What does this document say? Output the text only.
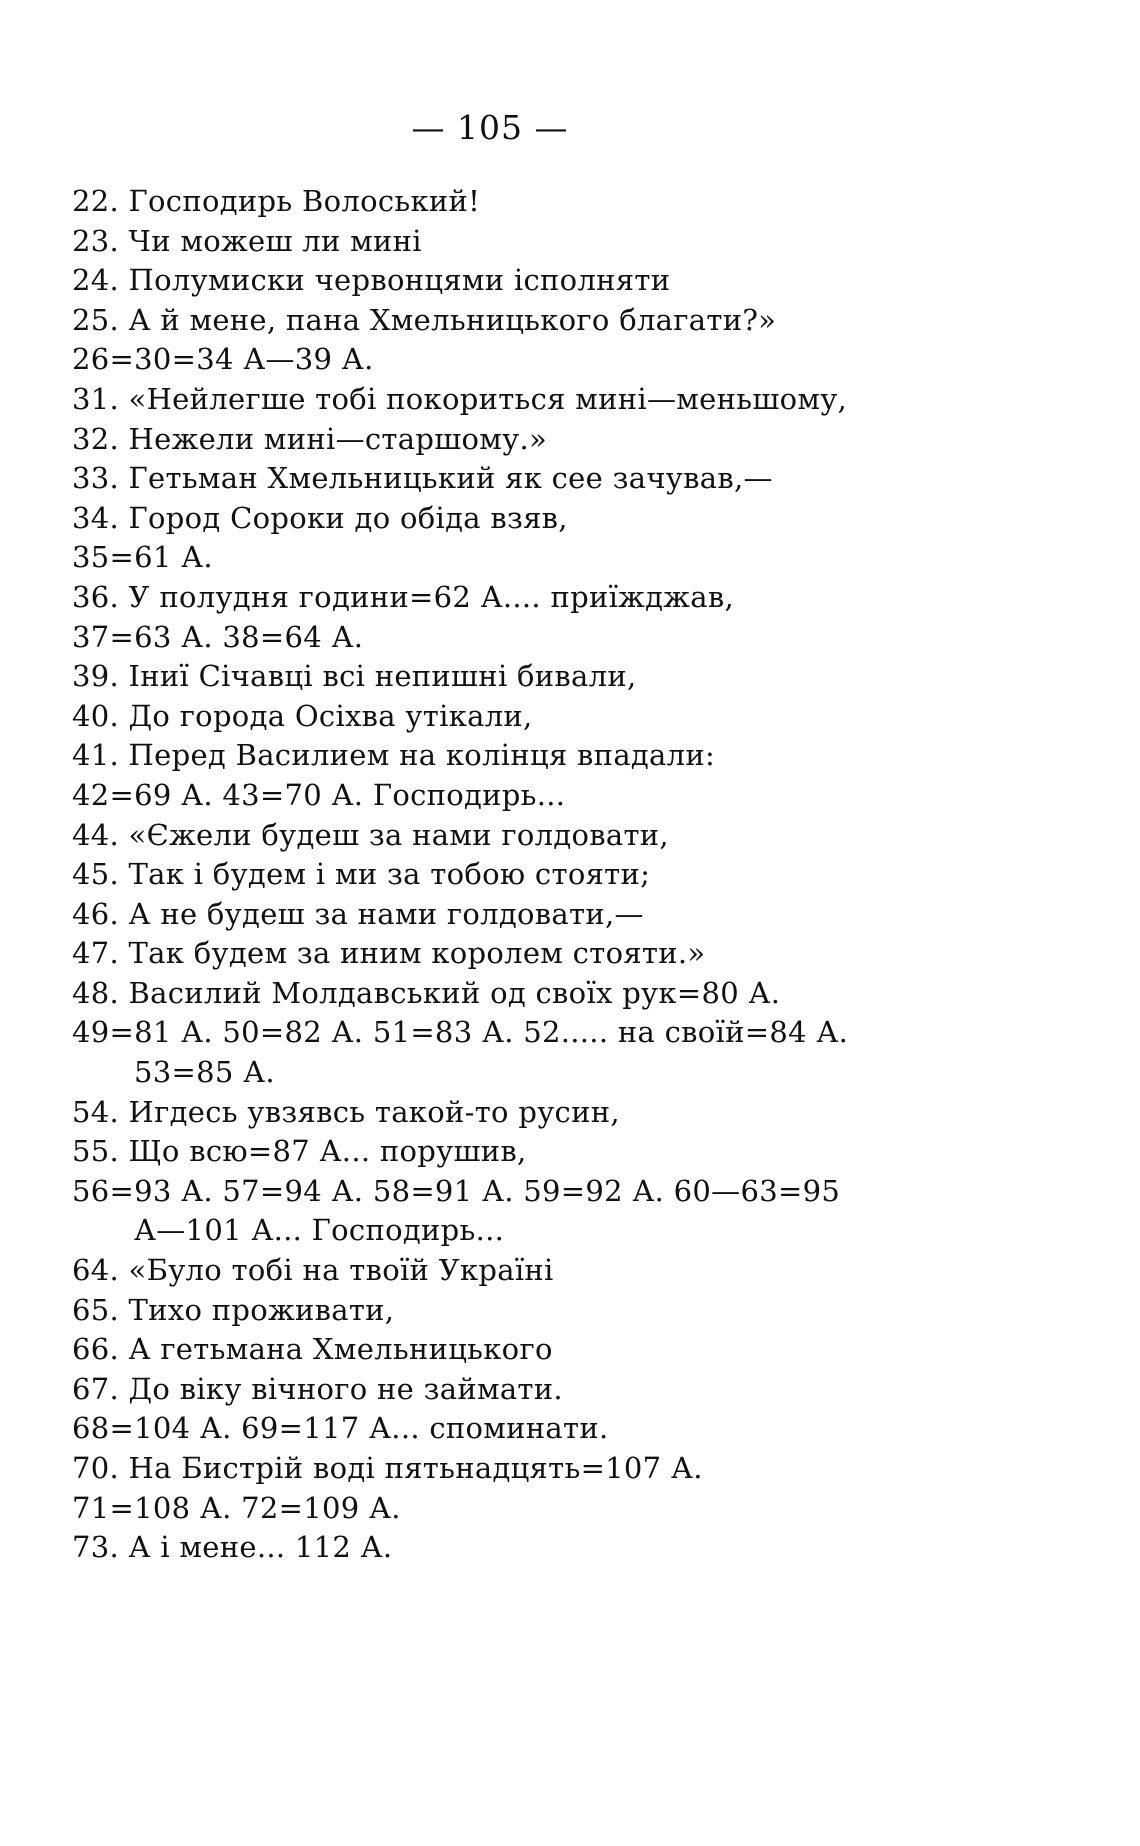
— 105 —
22. Господирь Волоський!
23. Чи можеш ли мині
24. Полумиски червонцями ісполняти
25. А й мене, пана Хмельницького благати?»
26=30=34 А—39 А.
31. «Нейлегше тобі покориться мині—меньшому,
32. Нежели мині—старшому.»
33. Гетьман Хмельницький як сее зачував,—
34. Город Сороки до обіда взяв,
35=61 А.
36. У полудня години=62 А.... приїжджав,
37=63 А. 38=64 А.
39. Іниї Січавці всі непишні бивали,
40. До города Осіхва утікали,
41. Перед Василием на колінця впадали:
42=69 А. 43=70 А. Господирь...
44. «Єжели будеш за нами голдовати,
45. Так і будем і ми за тобою стояти;
46. А не будеш за нами голдовати,—
47. Так будем за иним королем стояти.»
48. Василий Молдавський од своїх рук=80 А.
49=81 А. 50=82 А. 51=83 А. 52..... на своїй=84 А.
53=85 А.
54. Игдесь увзявсь такой-то русин,
55. Що всю=87 А... порушив,
56=93 А. 57=94 А. 58=91 А. 59=92 А. 60—63=95
А—101 А... Господирь...
64. «Було тобі на твоїй Україні
65. Тихо проживати,
66. А гетьмана Хмельницького
67. До віку вічного не займати.
68=104 А. 69=117 А... споминати.
70. На Бистрій воді пятьнадцять=107 А.
71=108 А. 72=109 А.
73. А і мене... 112 А.
